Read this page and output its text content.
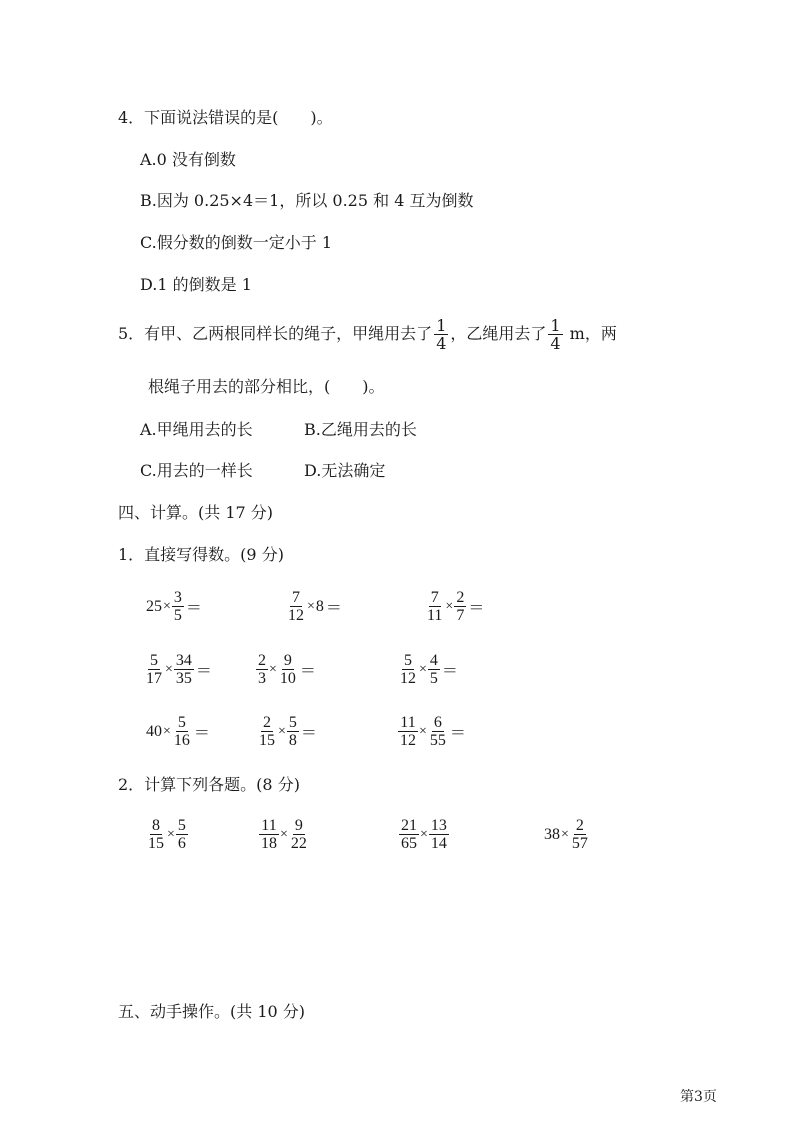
4．下面说法错误的是(　　)。
A.0 没有倒数
B.因为 0.25×4＝1，所以 0.25 和 4 互为倒数
C.假分数的倒数一定小于 1
D.1 的倒数是 1
5．有甲、乙两根同样长的绳子，甲绳用去了 $\frac{1}{4}$ ，乙绳用去了 $\frac{1}{4}$ m，两
根绳子用去的部分相比，(　　)。
A.甲绳用去的长	B.乙绳用去的长
C.用去的一样长	D.无法确定
四、计算。(共 17 分)
1．直接写得数。(9 分)
$25 \times \frac{3}{5}$ ＝	$\frac{7}{12} \times 8$ ＝	$\frac{7}{11} \times \frac{2}{7}$ ＝
$\frac{5}{17} \times \frac{34}{35}$ ＝	$\frac{2}{3} \times \frac{9}{10}$ ＝	$\frac{5}{12} \times \frac{4}{5}$ ＝
$40 \times \frac{5}{16}$ ＝	$\frac{2}{15} \times \frac{5}{8}$ ＝	$\frac{11}{12} \times \frac{6}{55}$ ＝
2．计算下列各题。(8 分)
$\frac{8}{15} \times \frac{5}{6}$	$\frac{11}{18} \times \frac{9}{22}$	$\frac{21}{65} \times \frac{13}{14}$	$38 \times \frac{2}{57}$
五、动手操作。(共 10 分)
第3页
